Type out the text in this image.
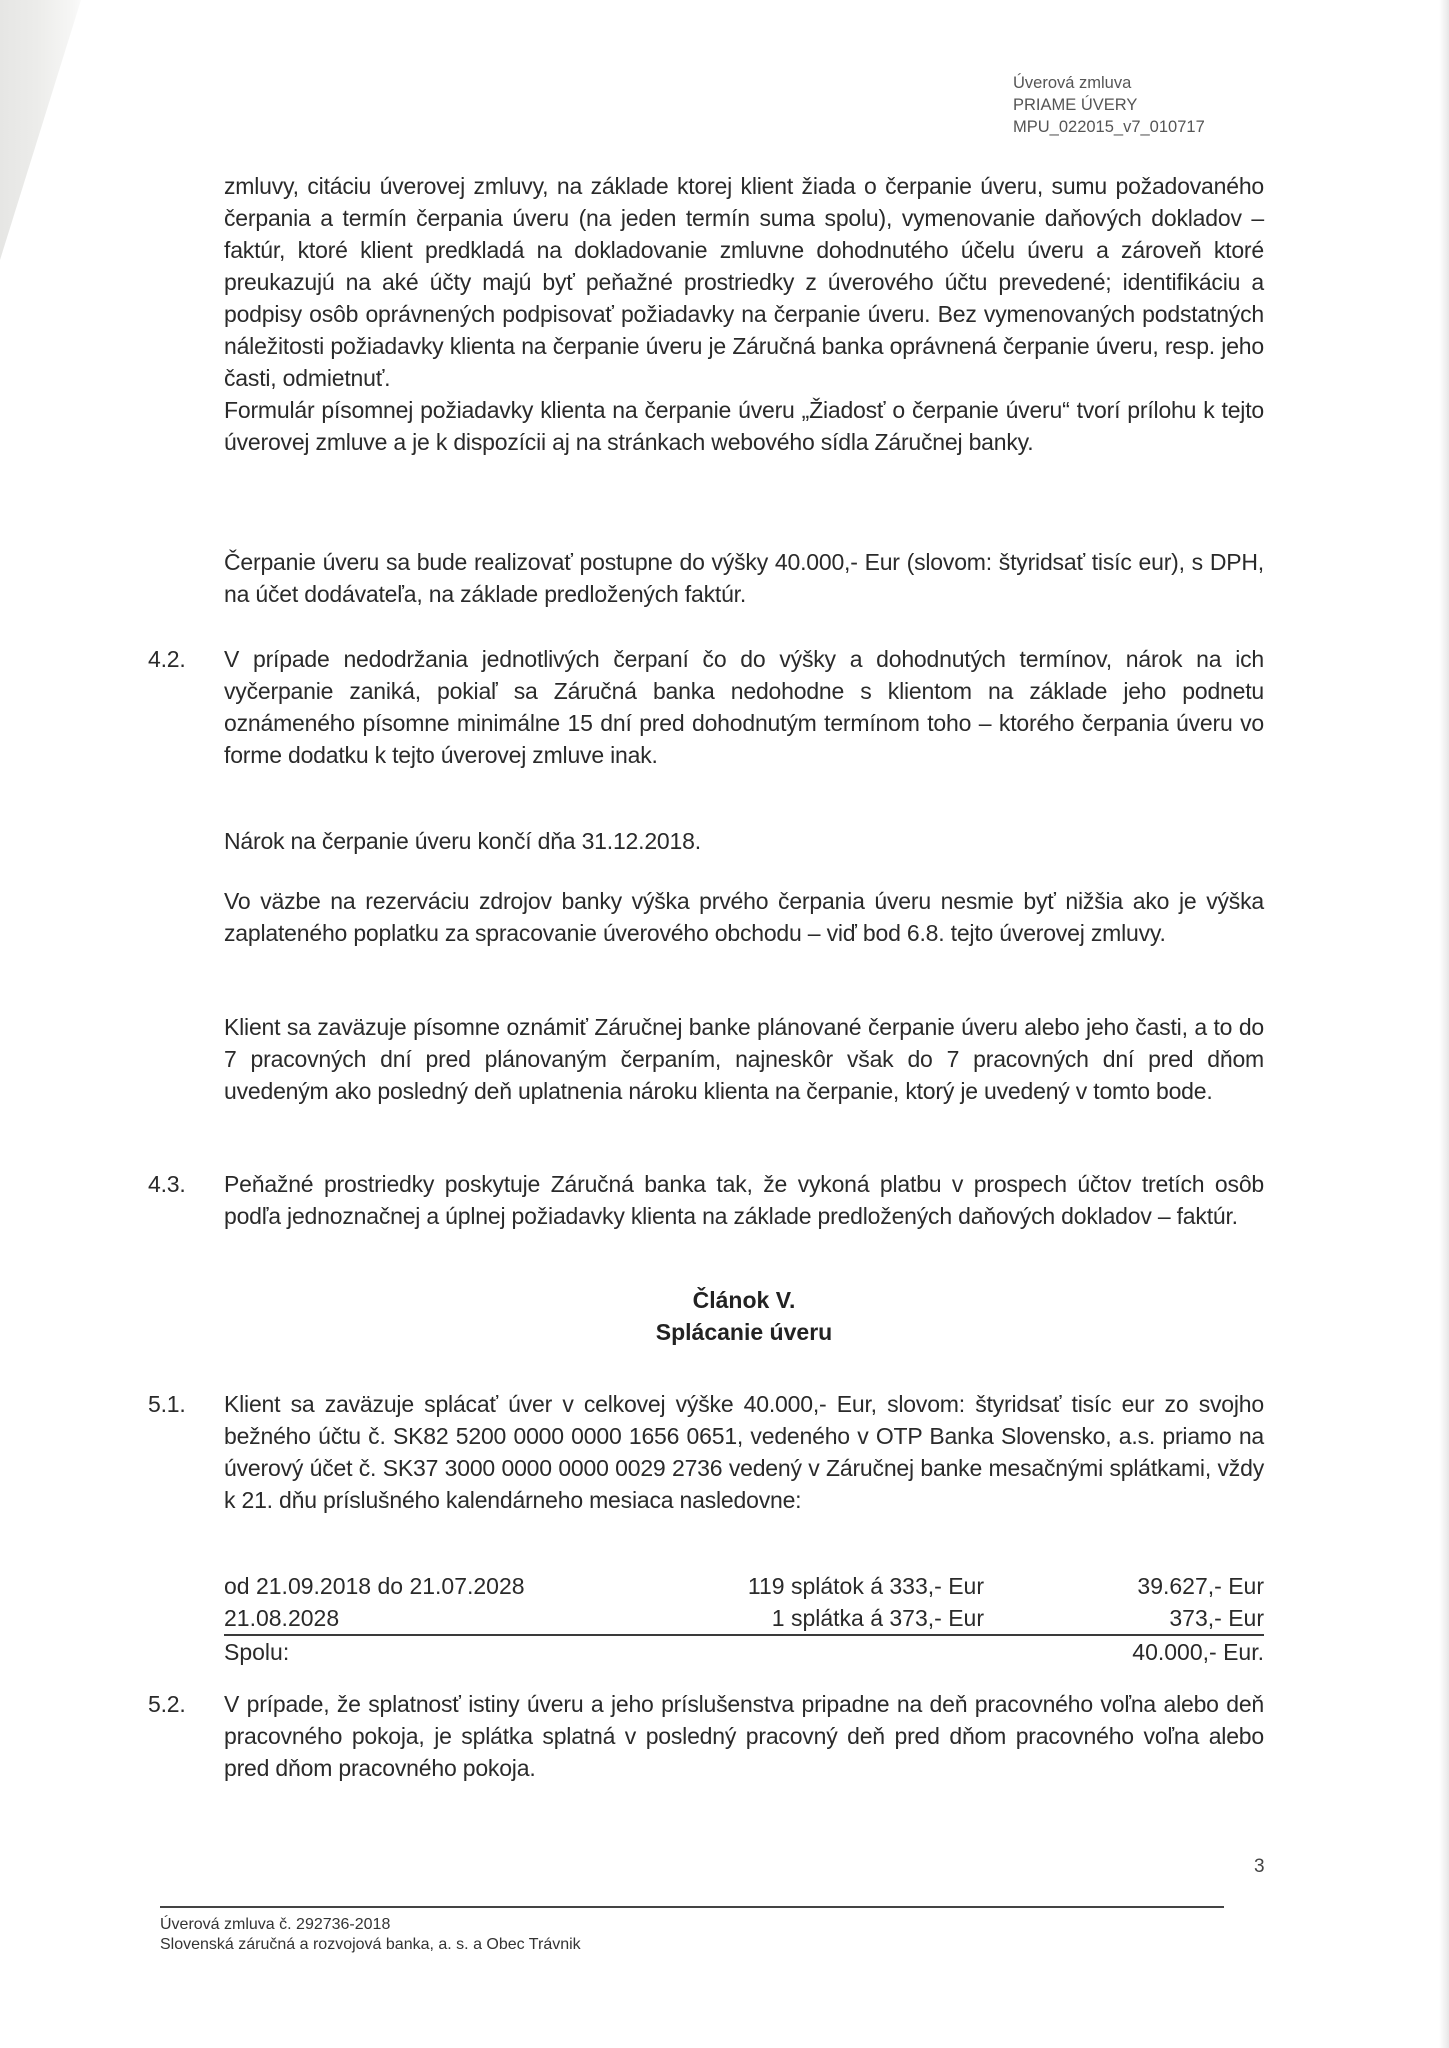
Úverová zmluva
PRIAME ÚVERY
MPU_022015_v7_010717

zmluvy, citáciu úverovej zmluvy, na základe ktorej klient žiada o čerpanie úveru, sumu požadovaného čerpania a termín čerpania úveru (na jeden termín suma spolu), vymenovanie daňových dokladov – faktúr, ktoré klient predkladá na dokladovanie zmluvne dohodnutého účelu úveru a zároveň ktoré preukazujú na aké účty majú byť peňažné prostriedky z úverového účtu prevedené; identifikáciu a podpisy osôb oprávnených podpisovať požiadavky na čerpanie úveru. Bez vymenovaných podstatných náležitosti požiadavky klienta na čerpanie úveru je Záručná banka oprávnená čerpanie úveru, resp. jeho časti, odmietnuť.

Formulár písomnej požiadavky klienta na čerpanie úveru „Žiadosť o čerpanie úveru“ tvorí prílohu k tejto úverovej zmluve a je k dispozícii aj na stránkach webového sídla Záručnej banky.

Čerpanie úveru sa bude realizovať postupne do výšky 40.000,- Eur (slovom: štyridsať tisíc eur), s DPH, na účet dodávateľa, na základe predložených faktúr.

4.2.	V prípade nedodržania jednotlivých čerpaní čo do výšky a dohodnutých termínov, nárok na ich vyčerpanie zaniká, pokiaľ sa Záručná banka nedohodne s klientom na základe jeho podnetu oznámeného písomne minimálne 15 dní pred dohodnutým termínom toho – ktorého čerpania úveru vo forme dodatku k tejto úverovej zmluve inak.

Nárok na čerpanie úveru končí dňa 31.12.2018.

Vo väzbe na rezerváciu zdrojov banky výška prvého čerpania úveru nesmie byť nižšia ako je výška zaplateného poplatku za spracovanie úverového obchodu – viď bod 6.8. tejto úverovej zmluvy.

Klient sa zaväzuje písomne oznámiť Záručnej banke plánované čerpanie úveru alebo jeho časti, a to do 7 pracovných dní pred plánovaným čerpaním, najneskôr však do 7 pracovných dní pred dňom uvedeným ako posledný deň uplatnenia nároku klienta na čerpanie, ktorý je uvedený v tomto bode.

4.3.	Peňažné prostriedky poskytuje Záručná banka tak, že vykoná platbu v prospech účtov tretích osôb podľa jednoznačnej a úplnej požiadavky klienta na základe predložených daňových dokladov – faktúr.
Článok V.
Splácanie úveru
5.1.	Klient sa zaväzuje splácať úver v celkovej výške 40.000,- Eur, slovom: štyridsať tisíc eur zo svojho bežného účtu č. SK82 5200 0000 0000 1656 0651, vedeného v OTP Banka Slovensko, a.s. priamo na úverový účet č. SK37 3000 0000 0000 0029 2736 vedený v Záručnej banke mesačnými splátkami, vždy k 21. dňu príslušného kalendárneho mesiaca nasledovne:
od 21.09.2018 do 21.07.2028	119 splátok á 333,- Eur	39.627,- Eur
21.08.2028	1 splátka á 373,- Eur	373,- Eur
Spolu:	40.000,- Eur.
5.2.	V prípade, že splatnosť istiny úveru a jeho príslušenstva pripadne na deň pracovného voľna alebo deň pracovného pokoja, je splátka splatná v posledný pracovný deň pred dňom pracovného voľna alebo pred dňom pracovného pokoja.
3
Úverová zmluva č. 292736-2018
Slovenská záručná a rozvojová banka, a. s. a Obec Trávnik
